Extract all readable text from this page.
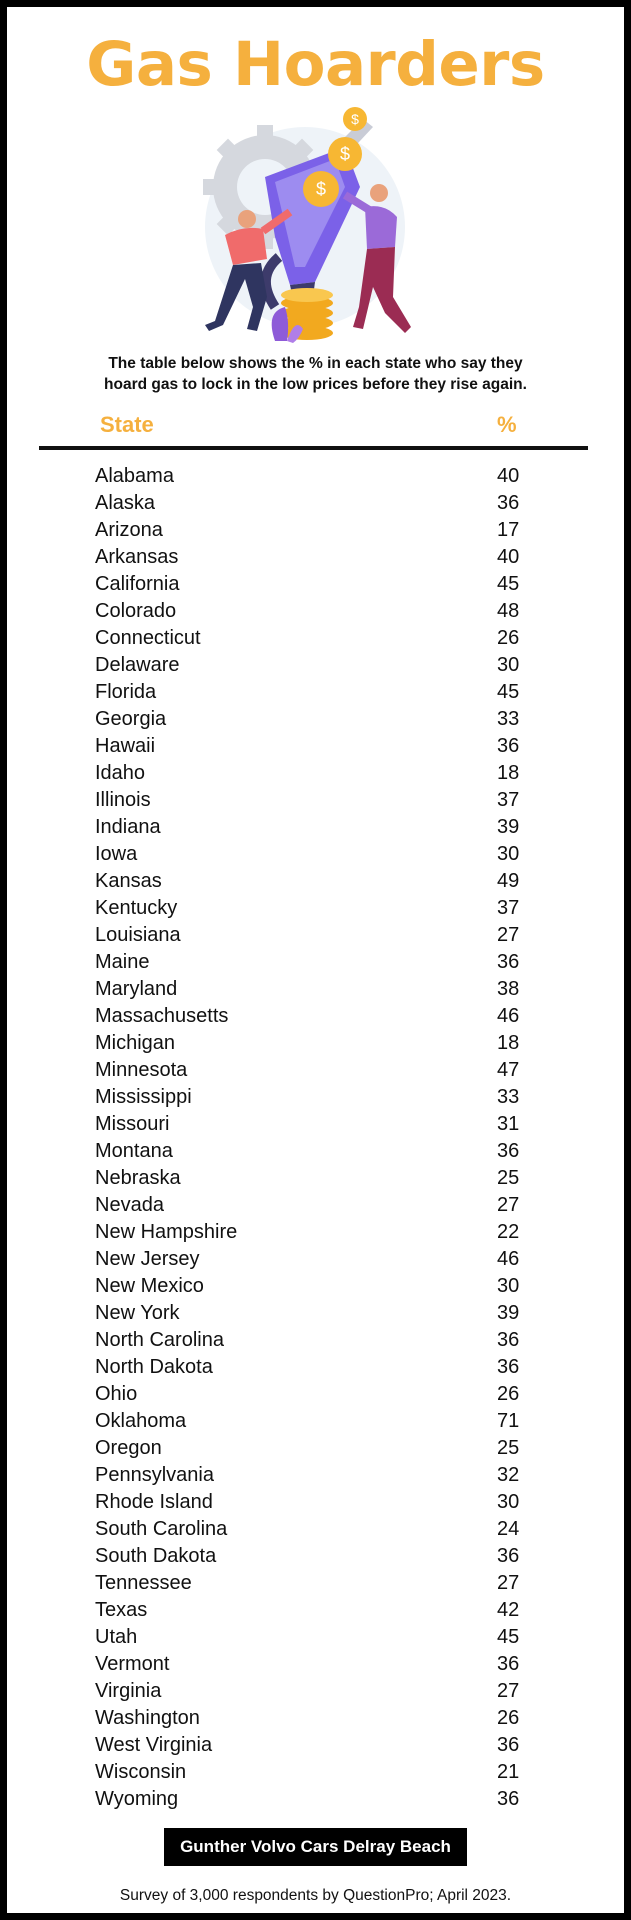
Gas Hoarders
$
$
$
The table below shows the % in each state who say they
hoard gas to lock in the low prices before they rise again.
State	%
Alabama	40
Alaska	36
Arizona	17
Arkansas	40
California	45
Colorado	48
Connecticut	26
Delaware	30
Florida	45
Georgia	33
Hawaii	36
Idaho	18
Illinois	37
Indiana	39
Iowa	30
Kansas	49
Kentucky	37
Louisiana	27
Maine	36
Maryland	38
Massachusetts	46
Michigan	18
Minnesota	47
Mississippi	33
Missouri	31
Montana	36
Nebraska	25
Nevada	27
New Hampshire	22
New Jersey	46
New Mexico	30
New York	39
North Carolina	36
North Dakota	36
Ohio	26
Oklahoma	71
Oregon	25
Pennsylvania	32
Rhode Island	30
South Carolina	24
South Dakota	36
Tennessee	27
Texas	42
Utah	45
Vermont	36
Virginia	27
Washington	26
West Virginia	36
Wisconsin	21
Wyoming	36
Gunther Volvo Cars Delray Beach
Survey of 3,000 respondents by QuestionPro; April 2023.
